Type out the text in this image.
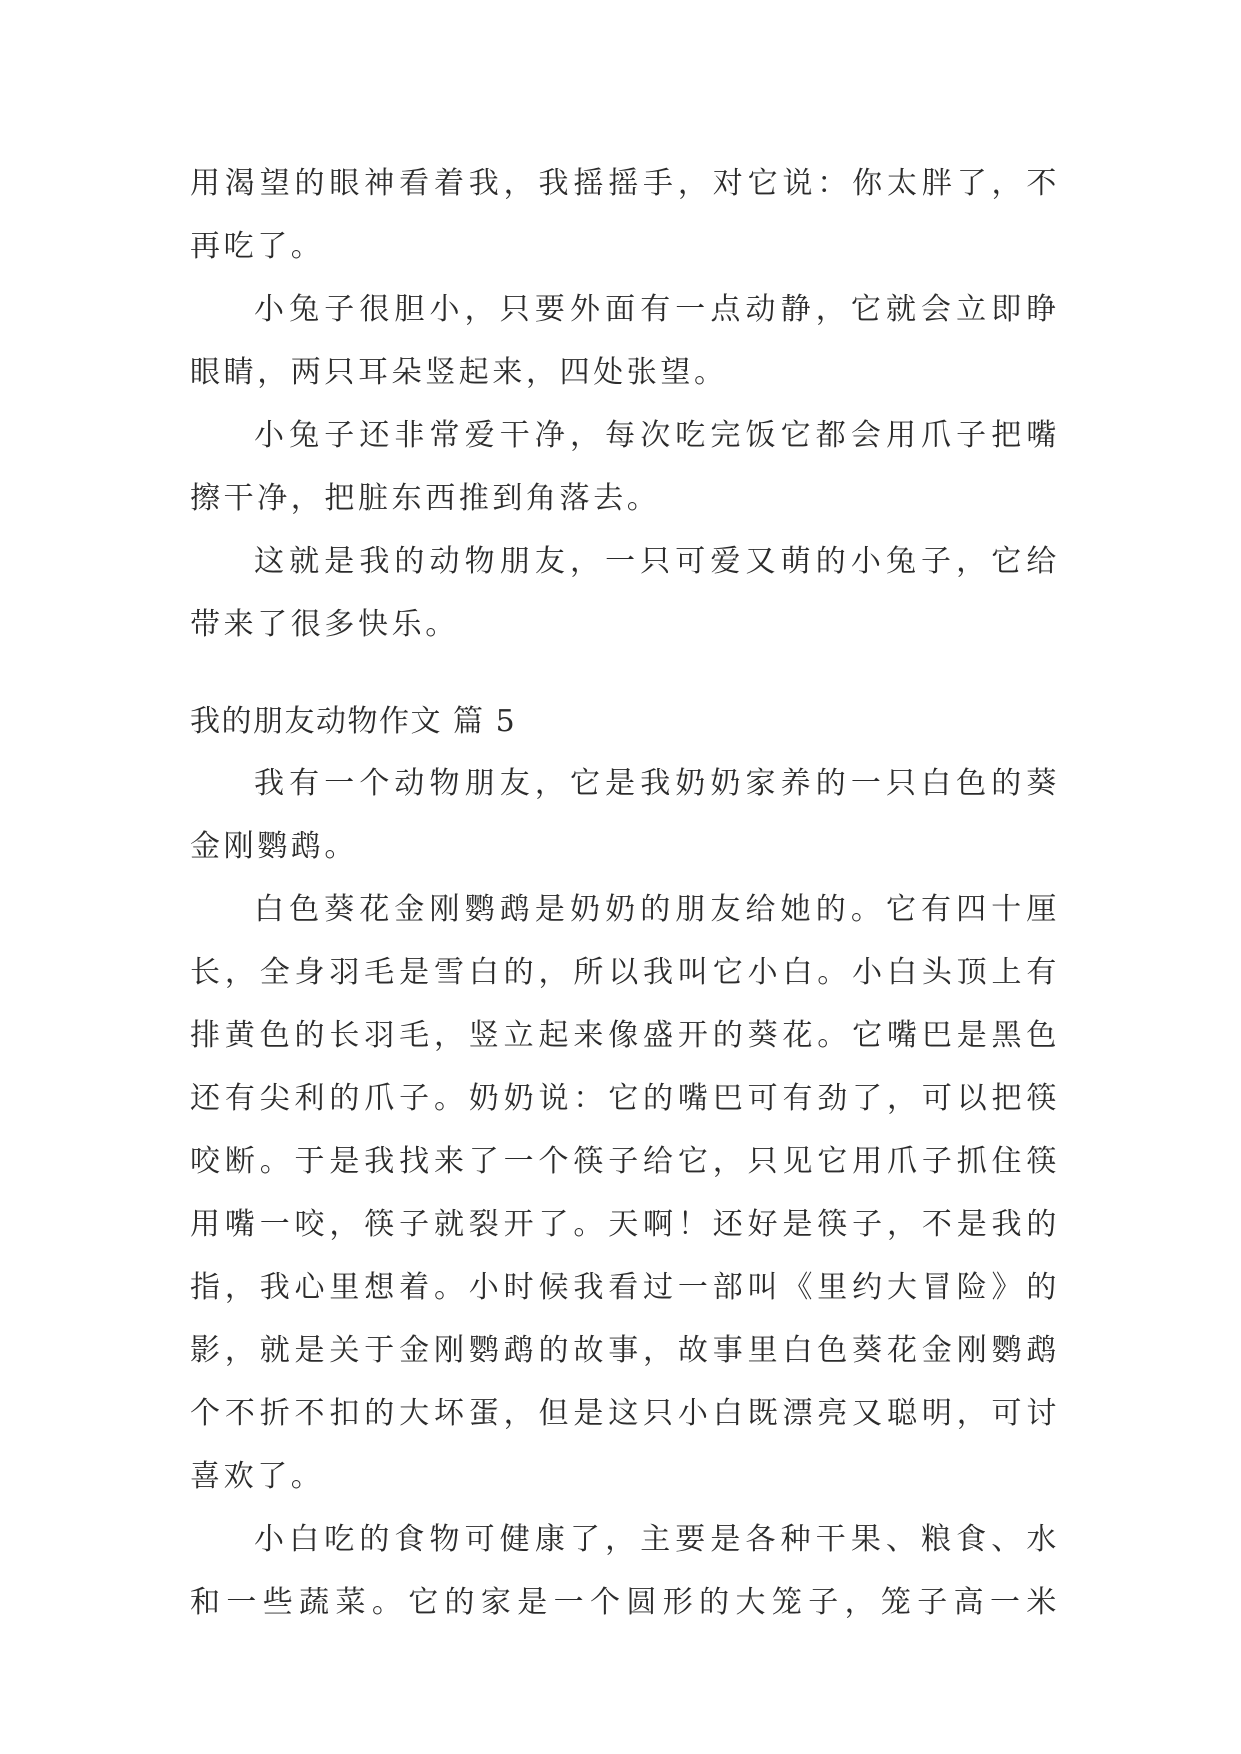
用渴望的眼神看着我，我摇摇手，对它说：你太胖了，不
再吃了。
小兔子很胆小，只要外面有一点动静，它就会立即睁
眼睛，两只耳朵竖起来，四处张望。
小兔子还非常爱干净，每次吃完饭它都会用爪子把嘴
擦干净，把脏东西推到角落去。
这就是我的动物朋友，一只可爱又萌的小兔子，它给
带来了很多快乐。
我的朋友动物作文 篇 5
我有一个动物朋友，它是我奶奶家养的一只白色的葵
金刚鹦鹉。
白色葵花金刚鹦鹉是奶奶的朋友给她的。它有四十厘
长，全身羽毛是雪白的，所以我叫它小白。小白头顶上有
排黄色的长羽毛，竖立起来像盛开的葵花。它嘴巴是黑色
还有尖利的爪子。奶奶说：它的嘴巴可有劲了，可以把筷
咬断。于是我找来了一个筷子给它，只见它用爪子抓住筷
用嘴一咬，筷子就裂开了。天啊！还好是筷子，不是我的
指，我心里想着。小时候我看过一部叫《里约大冒险》的
影，就是关于金刚鹦鹉的故事，故事里白色葵花金刚鹦鹉
个不折不扣的大坏蛋，但是这只小白既漂亮又聪明，可讨
喜欢了。
小白吃的食物可健康了，主要是各种干果、粮食、水
和一些蔬菜。它的家是一个圆形的大笼子，笼子高一米
